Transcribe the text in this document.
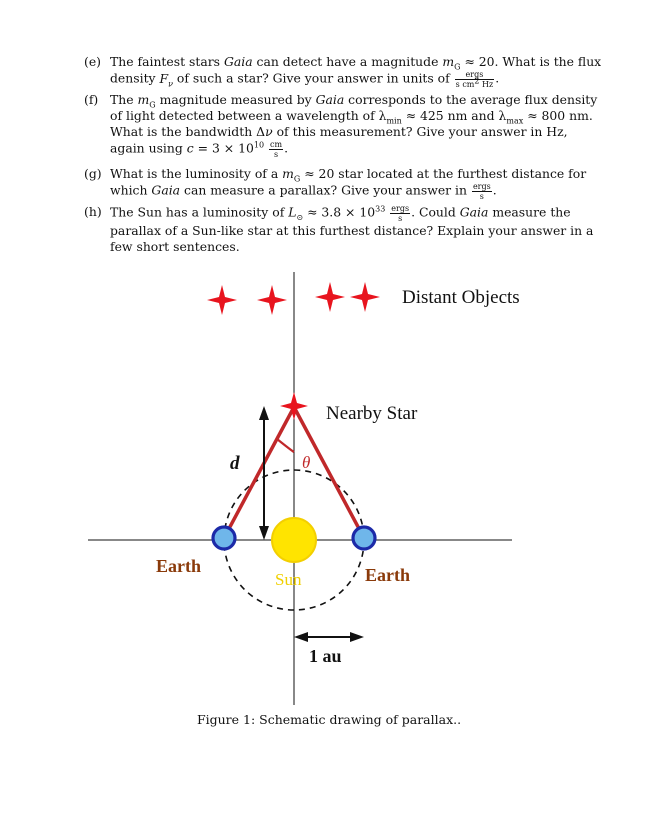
(e) The faintest stars Gaia can detect have a magnitude $m_G \approx 20$. What is the flux density $F_\nu$ of such a star? Give your answer in units of $\frac{\text{ergs}}{s cm^2 Hz}$ .
(f) The $m_G$ magnitude measured by Gaia corresponds to the average flux density of light detected between a wavelength of $\lambda_{min} \approx 425$ nm and $\lambda_{max} \approx 800$ nm. What is the bandwidth Δν of this measurement? Give your answer in Hz, again using $c = 3 \times 10^{10} \frac{cm}{s}$ .
(g) What is the luminosity of a $m_G \approx 20$ star located at the furthest distance for which Gaia can measure a parallax? Give your answer in $\frac{\text{ergs}}{s}$ .
(h) The Sun has a luminosity of $L_⊙ \approx 3.8 \times 10^{33} \frac{\text{ergs}}{s}$ . Could Gaia measure the parallax of a Sun-like star at this furthest distance? Explain your answer in a few short sentences.
Distant Objects
θ
Nearby Star
d
Sun
Earth	Earth
1 au
Figure 1: Schematic drawing of parallax..
